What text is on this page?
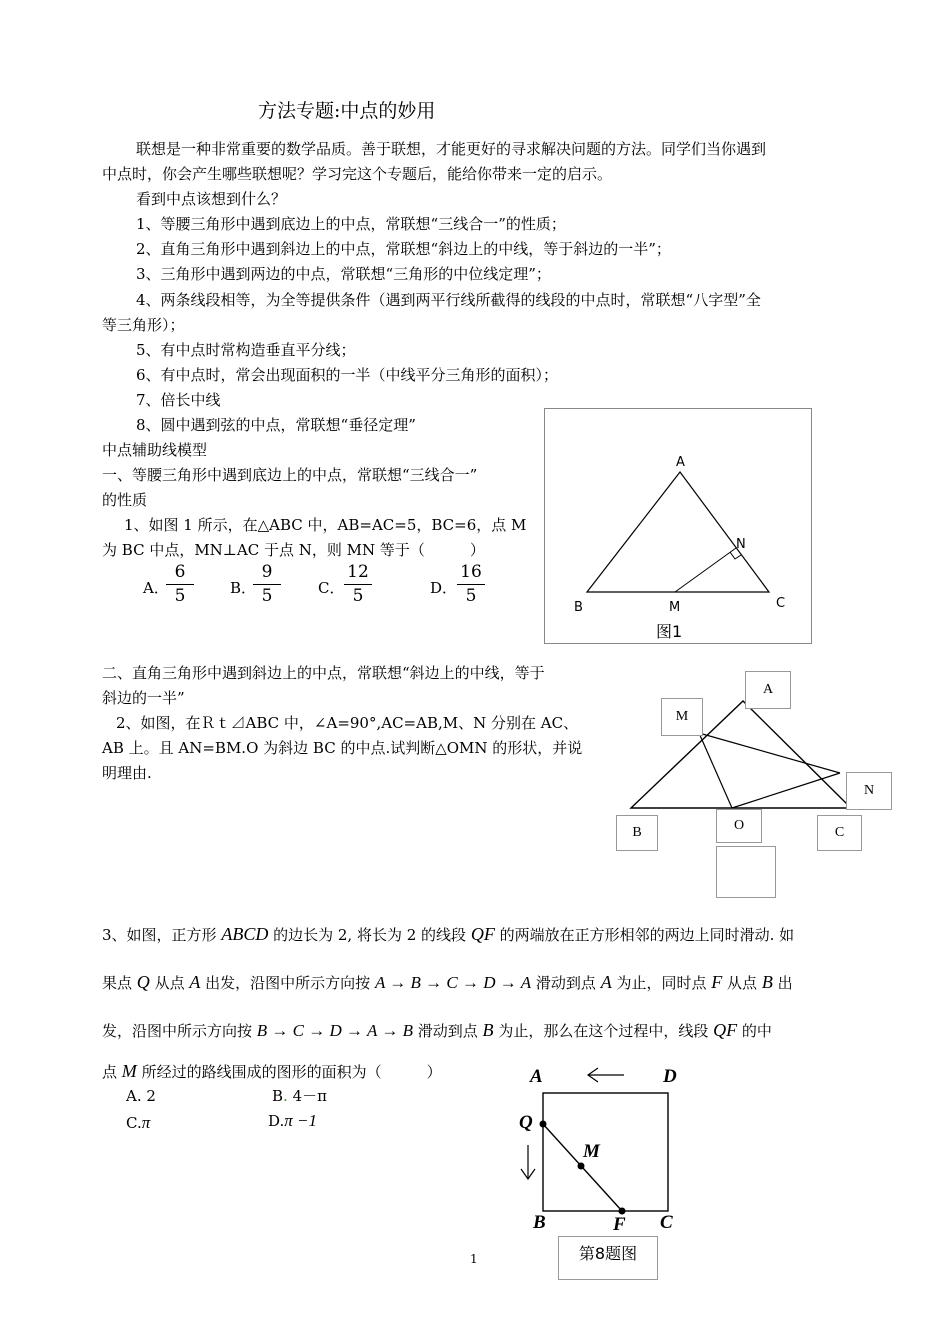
方法专题:中点的妙用
联想是一种非常重要的数学品质。善于联想，才能更好的寻求解决问题的方法。同学们当你遇到
中点时，你会产生哪些联想呢？学习完这个专题后，能给你带来一定的启示。
看到中点该想到什么？
1、等腰三角形中遇到底边上的中点，常联想“三线合一”的性质；
2、直角三角形中遇到斜边上的中点，常联想“斜边上的中线，等于斜边的一半”；
3、三角形中遇到两边的中点，常联想“三角形的中位线定理”；
4、两条线段相等，为全等提供条件（遇到两平行线所截得的线段的中点时，常联想“八字型”全
等三角形）；
5、有中点时常构造垂直平分线；
6、有中点时，常会出现面积的一半（中线平分三角形的面积）；
7、倍长中线
8、圆中遇到弦的中点，常联想“垂径定理”
中点辅助线模型
一、等腰三角形中遇到底边上的中点，常联想“三线合一”
的性质
1、如图 1 所示，在△ABC 中，AB=AC=5，BC=6，点 M
为 BC 中点，MN⊥AC 于点 N，则 MN 等于（　　　）
A．
$\frac{6}{5}$ B．
$\frac{9}{5}$ C． $\frac{12}{5}$	D． $\frac{16}{5}$
A
N
B	M	C
图1
二、直角三角形中遇到斜边上的中点，常联想“斜边上的中线，等于
斜边的一半”
2、如图，在Ｒｔ⊿ABC 中，∠A=90°,AC=AB,M、N 分别在 AC、
AB 上。且 AN=BM.O 为斜边 BC 的中点.试判断△OMN 的形状，并说
明理由.
A
M
N
B	O	C
3、如图，正方形 ABCD 的边长为 2, 将长为 2 的线段 QF 的两端放在正方形相邻的两边上同时滑动. 如
果点 Q 从点 A 出发，沿图中所示方向按 A → B → C → D → A 滑动到点 A 为止，同时点 F 从点 B 出
发，沿图中所示方向按 B → C → D → A → B 滑动到点 B 为止，那么在这个过程中，线段 QF 的中
点 M 所经过的路线围成的图形的面积为（　　　）
A. 2	B. 4－π
C.π	D.π −1
A	D
Q
M
B	F C
第8题图
1
